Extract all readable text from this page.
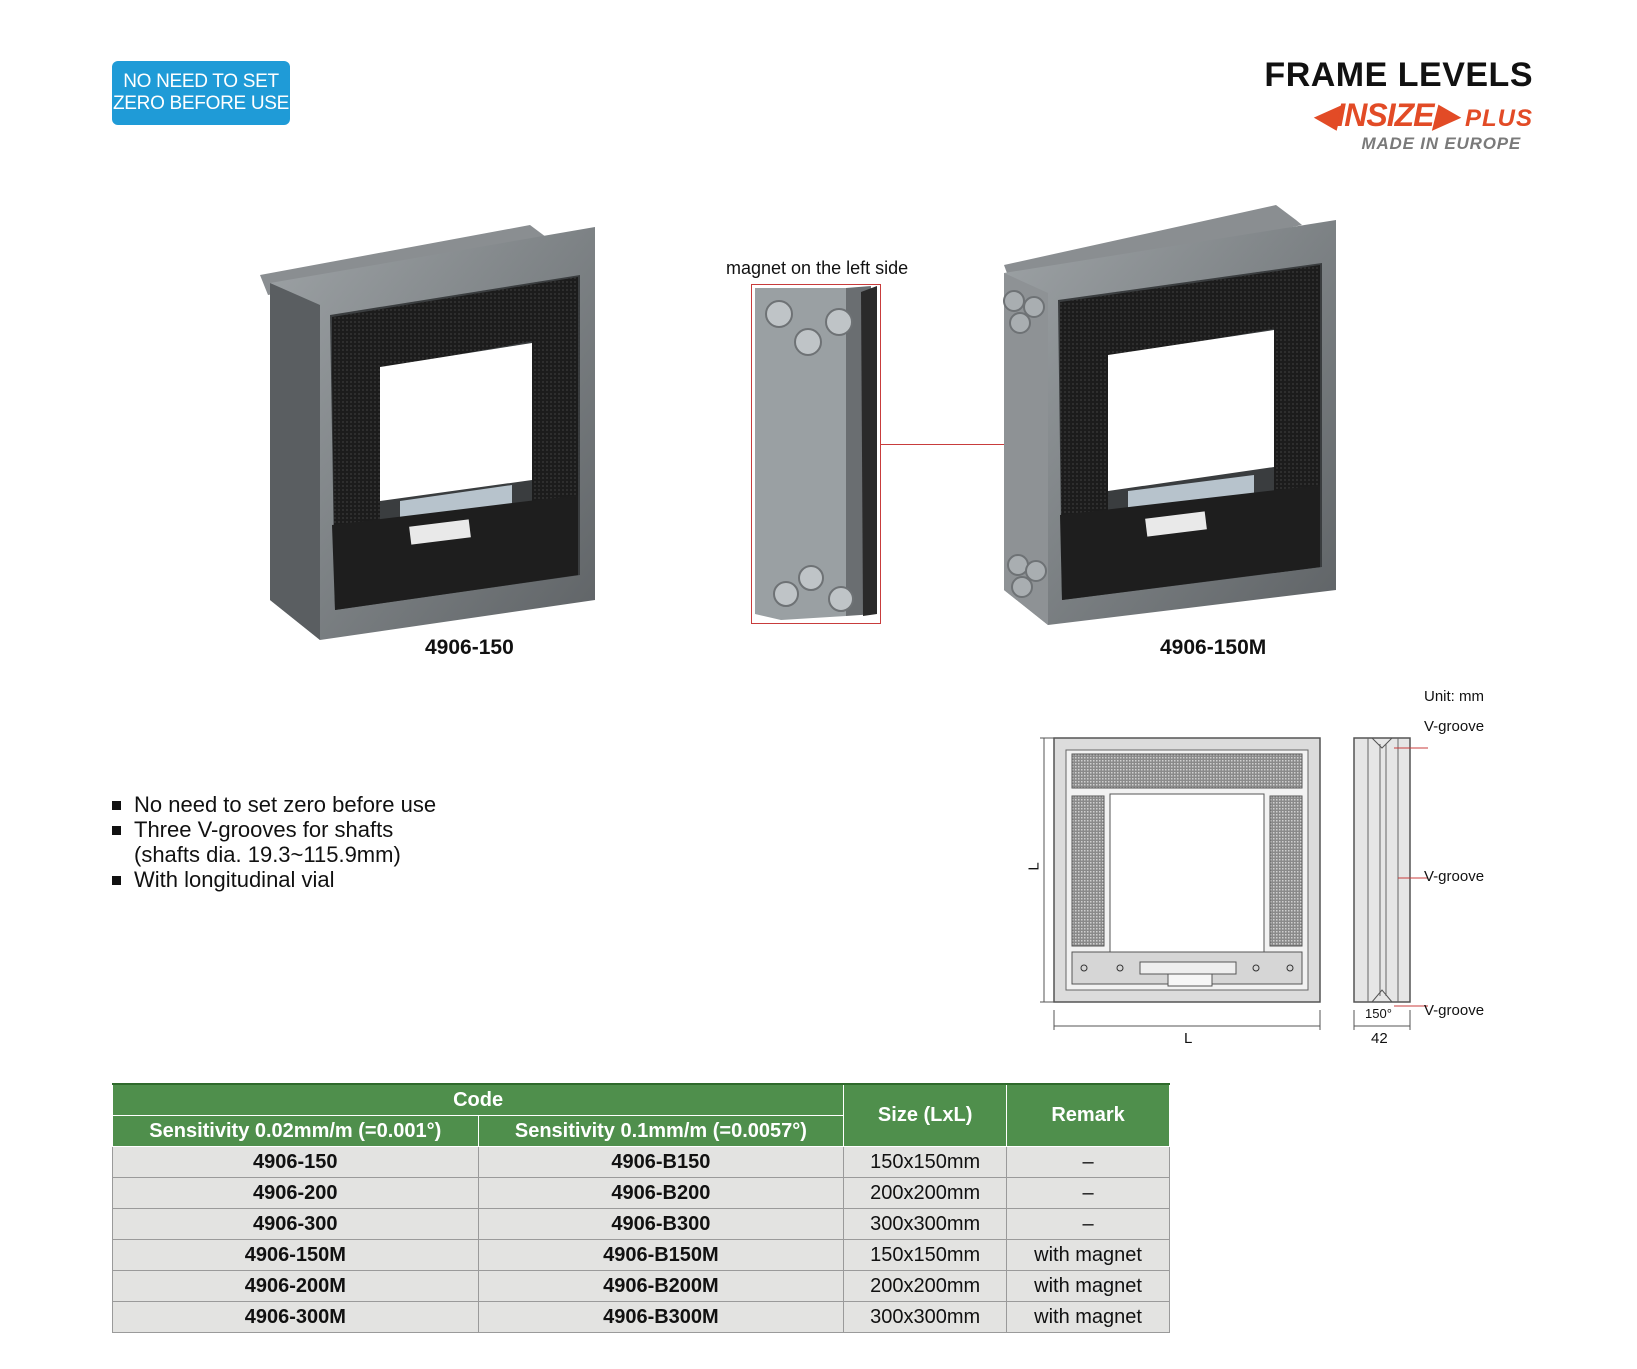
NO NEED TO SET
ZERO BEFORE USE
FRAME LEVELS
◀INSIZE▶ PLUS
MADE IN EUROPE
magnet on the left side
4906-150	4906-150M
No need to set zero before use
Three V-grooves for shafts
(shafts dia. 19.3~115.9mm)
With longitudinal vial
L
L
Unit: mm
V-groove
V-groove
V-groove
150°
42
Code		Size (LxL)	Remark
Sensitivity 0.02mm/m (=0.001°)	Sensitivity 0.1mm/m (=0.0057°)		
4906-150	4906-B150	150x150mm	–
4906-200	4906-B200	200x200mm	–
4906-300	4906-B300	300x300mm	–
4906-150M	4906-B150M	150x150mm	with magnet
4906-200M	4906-B200M	200x200mm	with magnet
4906-300M	4906-B300M	300x300mm	with magnet
